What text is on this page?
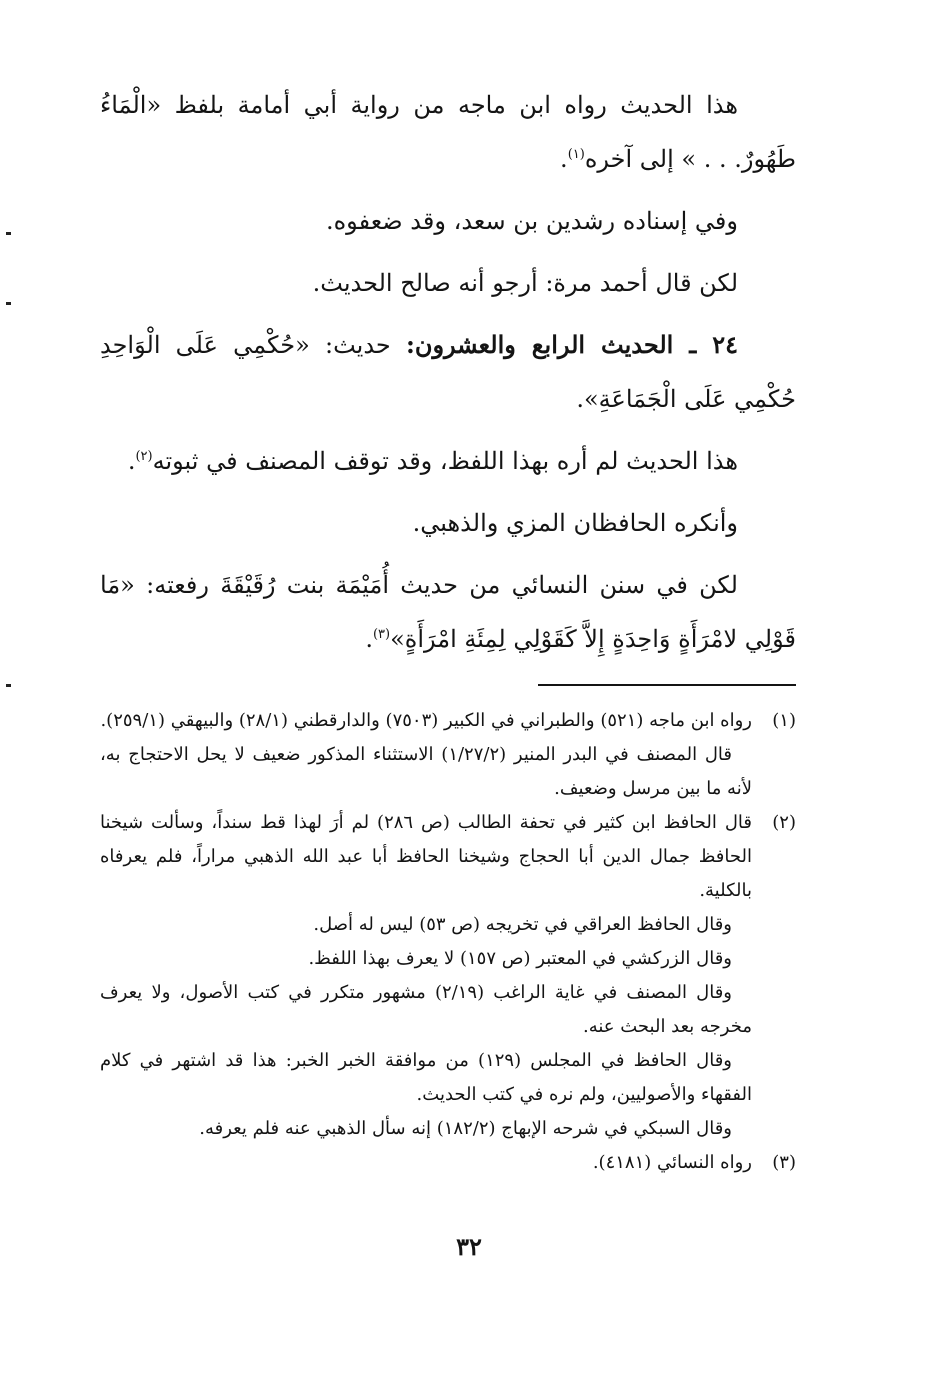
هذا الحديث رواه ابن ماجه من رواية أبي أمامة بلفظ «الْمَاءُ طَهُورٌ. . . » إلى آخره$^{(١)}$.

وفي إسناده رشدين بن سعد، وقد ضعفوه.

لكن قال أحمد مرة: أرجو أنه صالح الحديث.

٢٤ ـ الحديث الرابع والعشرون: حديث: «حُكْمِي عَلَى الْوَاحِدِ حُكْمِي عَلَى الْجَمَاعَةِ».

هذا الحديث لم أره بهذا اللفظ، وقد توقف المصنف في ثبوته$^{(٢)}$.

وأنكره الحافظان المزي والذهبي.

لكن في سنن النسائي من حديث أُمَيْمَة بنت رُقَيْقَةَ رفعته: «مَا قَوْلِي لامْرَأَةٍ وَاحِدَةٍ إِلاَّ كَقَوْلِي لِمِئَةِ امْرَأَةٍ»$^{(٣)}$.

(١)

رواه ابن ماجه (٥٢١) والطبراني في الكبير (٧٥٠٣) والدارقطني (٢٨/١) والبيهقي (٢٥٩/١).

قال المصنف في البدر المنير (١/٢٧/٢) الاستثناء المذكور ضعيف لا يحل الاحتجاج به، لأنه ما بين مرسل وضعيف.

(٢)

قال الحافظ ابن كثير في تحفة الطالب (ص ٢٨٦) لم أرَ لهذا قط سنداً، وسألت شيخنا الحافظ جمال الدين أبا الحجاج وشيخنا الحافظ أبا عبد الله الذهبي مراراً، فلم يعرفاه بالكلية.

وقال الحافظ العراقي في تخريجه (ص ٥٣) ليس له أصل.

وقال الزركشي في المعتبر (ص ١٥٧) لا يعرف بهذا اللفظ.

وقال المصنف في غاية الراغب (٢/١٩) مشهور متكرر في كتب الأصول، ولا يعرف مخرجه بعد البحث عنه.

وقال الحافظ في المجلس (١٢٩) من موافقة الخبر الخبر: هذا قد اشتهر في كلام الفقهاء والأصوليين، ولم نره في كتب الحديث.

وقال السبكي في شرحه الإبهاج (١٨٢/٢) إنه سأل الذهبي عنه فلم يعرفه.

(٣)

رواه النسائي (٤١٨١).

٣٢
